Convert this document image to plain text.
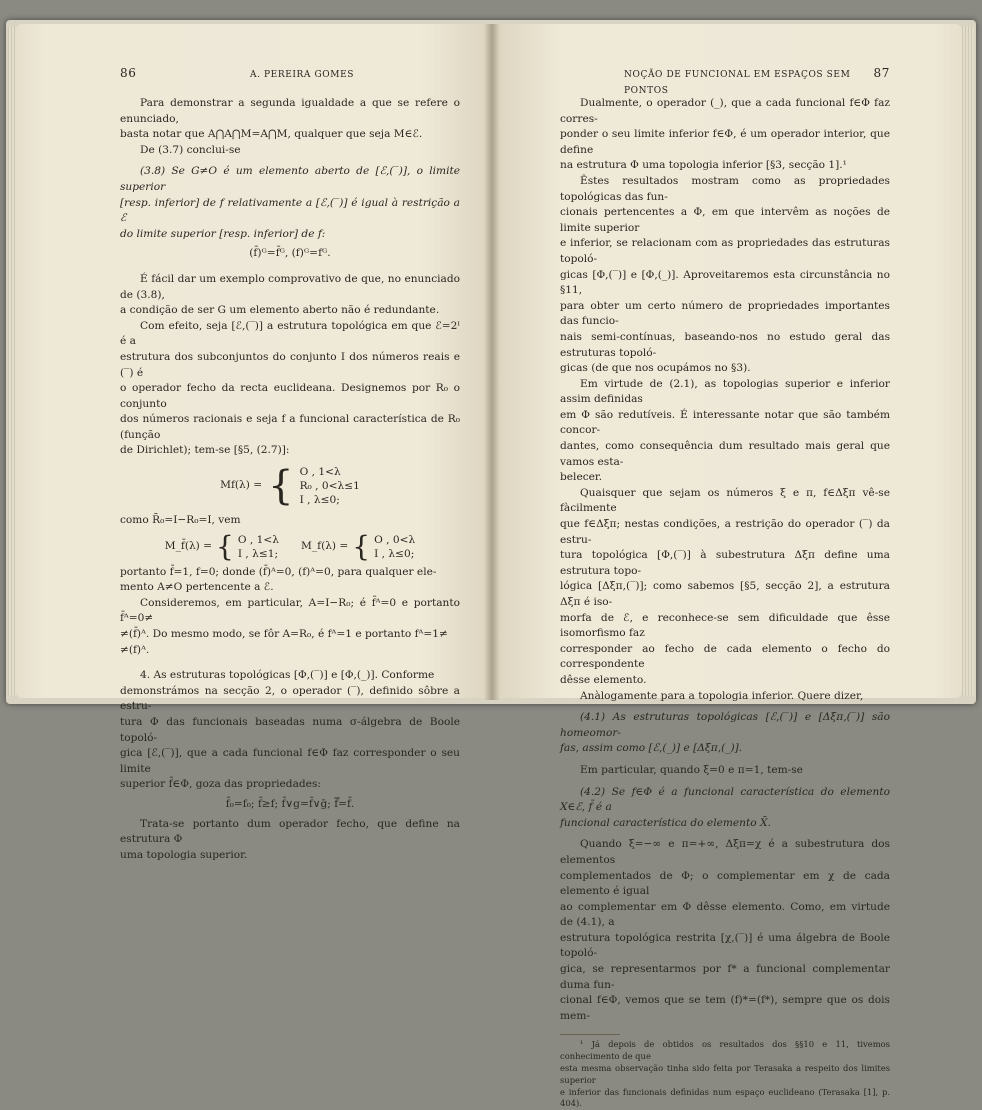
86	A. PEREIRA GOMES

Para demonstrar a segunda igualdade a que se refere o enunciado,

basta notar que A⋂A⋂M=A⋂M, qualquer que seja M∈ℰ.

De (3.7) conclui-se

(3.8) Se G≠O é um elemento aberto de [ℰ,(‾)], o limite superior

[resp. inferior] de f relativamente a [ℰ,(‾)] é igual à restrição a ℰ

do limite superior [resp. inferior] de f:

(f̄)ᴳ=f̄ᴳ, (f)ᴳ=fᴳ.

É fácil dar um exemplo comprovativo de que, no enunciado de (3.8),

a condição de ser G um elemento aberto não é redundante.

Com efeito, seja [ℰ,(‾)] a estrutura topológica em que ℰ=2ᴵ é a

estrutura dos subconjuntos do conjunto I dos números reais e (‾) é

o operador fecho da recta euclideana. Designemos por R₀ o conjunto

dos números racionais e seja f a funcional característica de R₀ (função

de Dirichlet); tem-se [§5, (2.7)]:

Mf(λ) = { O , 1<λ
R₀ , 0<λ≤1
I , λ≤0;

como R̄₀=I−R₀=I, vem

M_f̄(λ) = { O , 1<λ
I , λ≤1;
M_f(λ) = { O , 0<λ
I , λ≤0;

portanto f̄=1, f=0; donde (f̄)ᴬ=0, (f)ᴬ=0, para qualquer ele-

mento A≠O pertencente a ℰ.

Consideremos, em particular, A=I−R₀; é f̄ᴬ=0 e portanto f̄ᴬ=0≠

≠(f̄)ᴬ. Do mesmo modo, se fôr A=R₀, é fᴬ=1 e portanto fᴬ=1≠

≠(f)ᴬ.

4. As estruturas topológicas [Φ,(‾)] e [Φ,(_)]. Conforme

demonstrámos na secção 2, o operador (‾), definido sôbre a estru-

tura Φ das funcionais baseadas numa σ-álgebra de Boole topoló-

gica [ℰ,(‾)], que a cada funcional f∈Φ faz corresponder o seu limite

superior f̄∈Φ, goza das propriedades:

f̄₀=f₀; f̄≥f; f̄∨g=f̄∨ḡ; f̿=f̄.

Trata-se portanto dum operador fecho, que define na estrutura Φ

uma topologia superior.

NOÇÃO DE FUNCIONAL EM ESPAÇOS SEM PONTOS
87

Dualmente, o operador (_), que a cada funcional f∈Φ faz corres-

ponder o seu limite inferior f∈Φ, é um operador interior, que define

na estrutura Φ uma topologia inferior [§3, secção 1].¹

Êstes resultados mostram como as propriedades topológicas das fun-

cionais pertencentes a Φ, em que intervêm as noções de limite superior

e inferior, se relacionam com as propriedades das estruturas topoló-

gicas [Φ,(‾)] e [Φ,(_)]. Aproveitaremos esta circunstância no §11,

para obter um certo número de propriedades importantes das funcio-

nais semi-contínuas, baseando-nos no estudo geral das estruturas topoló-

gicas (de que nos ocupámos no §3).

Em virtude de (2.1), as topologias superior e inferior assim definidas

em Φ são redutíveis. É interessante notar que são também concor-

dantes, como consequência dum resultado mais geral que vamos esta-

belecer.

Quaisquer que sejam os números ξ e π, f∈Δξπ vê-se fàcilmente

que f∈Δξπ; nestas condições, a restrição do operador (‾) da estru-

tura topológica [Φ,(‾)] à subestrutura Δξπ define uma estrutura topo-

lógica [Δξπ,(‾)]; como sabemos [§5, secção 2], a estrutura Δξπ é iso-

morfa de ℰ, e reconhece-se sem dificuldade que êsse isomorfismo faz

corresponder ao fecho de cada elemento o fecho do correspondente

dêsse elemento.

Anàlogamente para a topologia inferior. Quere dizer,

(4.1) As estruturas topológicas [ℰ,(‾)] e [Δξπ,(‾)] são homeomor-

fas, assim como [ℰ,(_)] e [Δξπ,(_)].

Em particular, quando ξ=0 e π=1, tem-se

(4.2) Se f∈Φ é a funcional característica do elemento X∈ℰ, f̄ é a

funcional característica do elemento X̄.

Quando ξ=−∞ e π=+∞, Δξπ=χ é a subestrutura dos elementos

complementados de Φ; o complementar em χ de cada elemento é igual

ao complementar em Φ dêsse elemento. Como, em virtude de (4.1), a

estrutura topológica restrita [χ,(‾)] é uma álgebra de Boole topoló-

gica, se representarmos por f* a funcional complementar duma fun-

cional f∈Φ, vemos que se tem (f)*=(f*), sempre que os dois mem-

¹ Já depois de obtidos os resultados dos §§10 e 11, tivemos conhecimento de que

esta mesma observação tinha sido feita por Terasaka a respeito dos limites superior

e inferior das funcionais definidas num espaço euclideano (Terasaka [1], p. 404).
